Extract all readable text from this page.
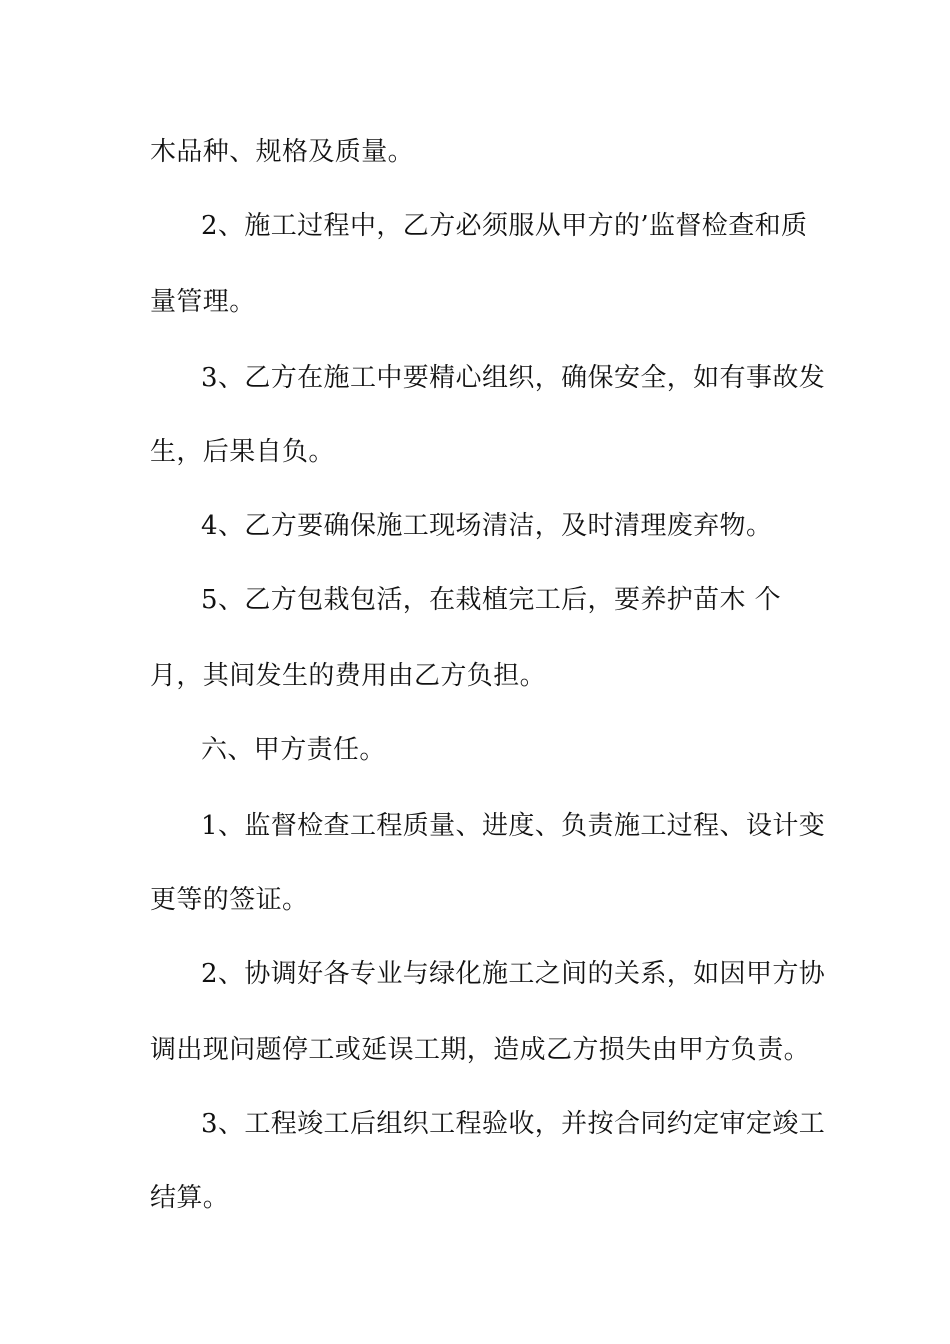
木品种、规格及质量。
2、施工过程中，乙方必须服从甲方的’监督检查和质
量管理。
3、乙方在施工中要精心组织，确保安全，如有事故发
生，后果自负。
4、乙方要确保施工现场清洁，及时清理废弃物。
5、乙方包栽包活，在栽植完工后，要养护苗木 个
月，其间发生的费用由乙方负担。
六、甲方责任。
1、监督检查工程质量、进度、负责施工过程、设计变
更等的签证。
2、协调好各专业与绿化施工之间的关系，如因甲方协
调出现问题停工或延误工期，造成乙方损失由甲方负责。
3、工程竣工后组织工程验收，并按合同约定审定竣工
结算。
